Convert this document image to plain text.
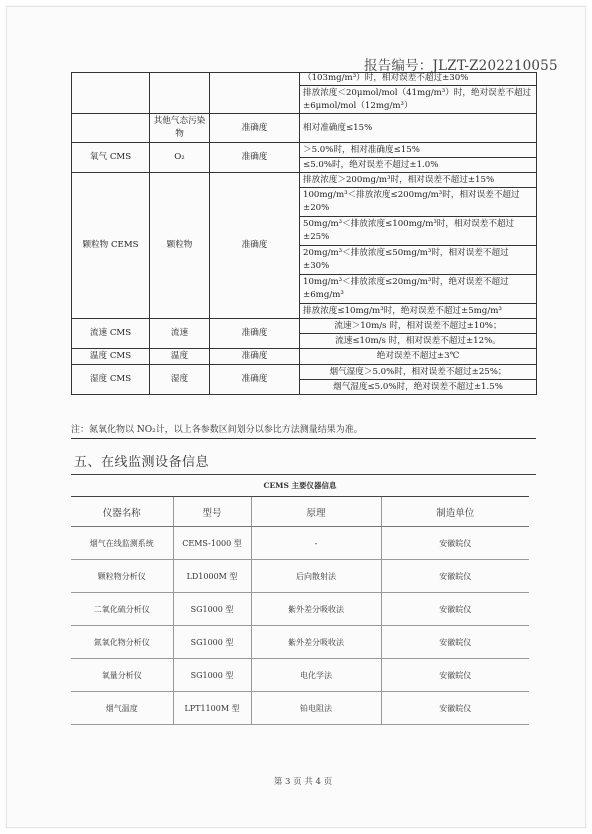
报告编号：JLZT-Z202210055
			（103mg/m³）时，相对误差不超过±30%
			排放浓度＜20μmol/mol（41mg/m³）时，绝对误差不超过±6μmol/mol（12mg/m³）
	其他气态污染物	准确度	相对准确度≤15%
氧气 CMS	O₂	准确度	＞5.0%时，相对准确度≤15%
			≤5.0%时，绝对误差不超过±1.0%
颗粒物 CEMS	颗粒物	准确度	排放浓度＞200mg/m³时，相对误差不超过±15%
			100mg/m³＜排放浓度≤200mg/m³时，相对误差不超过±20%
			50mg/m³＜排放浓度≤100mg/m³时，相对误差不超过±25%
			20mg/m³＜排放浓度≤50mg/m³时，相对误差不超过±30%
			10mg/m³＜排放浓度≤20mg/m³时，绝对误差不超过±6mg/m³
			排放浓度≤10mg/m³时，绝对误差不超过±5mg/m³
流速 CMS	流速	准确度	流速＞10m/s 时，相对误差不超过±10%；
			流速≤10m/s 时，相对误差不超过±12%。
温度 CMS	温度	准确度	绝对误差不超过±3℃
湿度 CMS	湿度	准确度	烟气湿度＞5.0%时，相对误差不超过±25%；
			烟气湿度≤5.0%时，绝对误差不超过±1.5%
注：氮氧化物以 NO₂计，以上各参数区间划分以参比方法测量结果为准。
五、在线监测设备信息
CEMS 主要仪器信息			
仪器名称	型号	原理	制造单位
烟气在线监测系统	CEMS-1000 型	-	安徽皖仪
颗粒物分析仪	LD1000M 型	后向散射法	安徽皖仪
二氧化硫分析仪	SG1000 型	紫外差分吸收法	安徽皖仪
氮氧化物分析仪	SG1000 型	紫外差分吸收法	安徽皖仪
氧量分析仪	SG1000 型	电化学法	安徽皖仪
烟气温度	LPT1100M 型	铂电阻法	安徽皖仪
第 3 页 共 4 页
